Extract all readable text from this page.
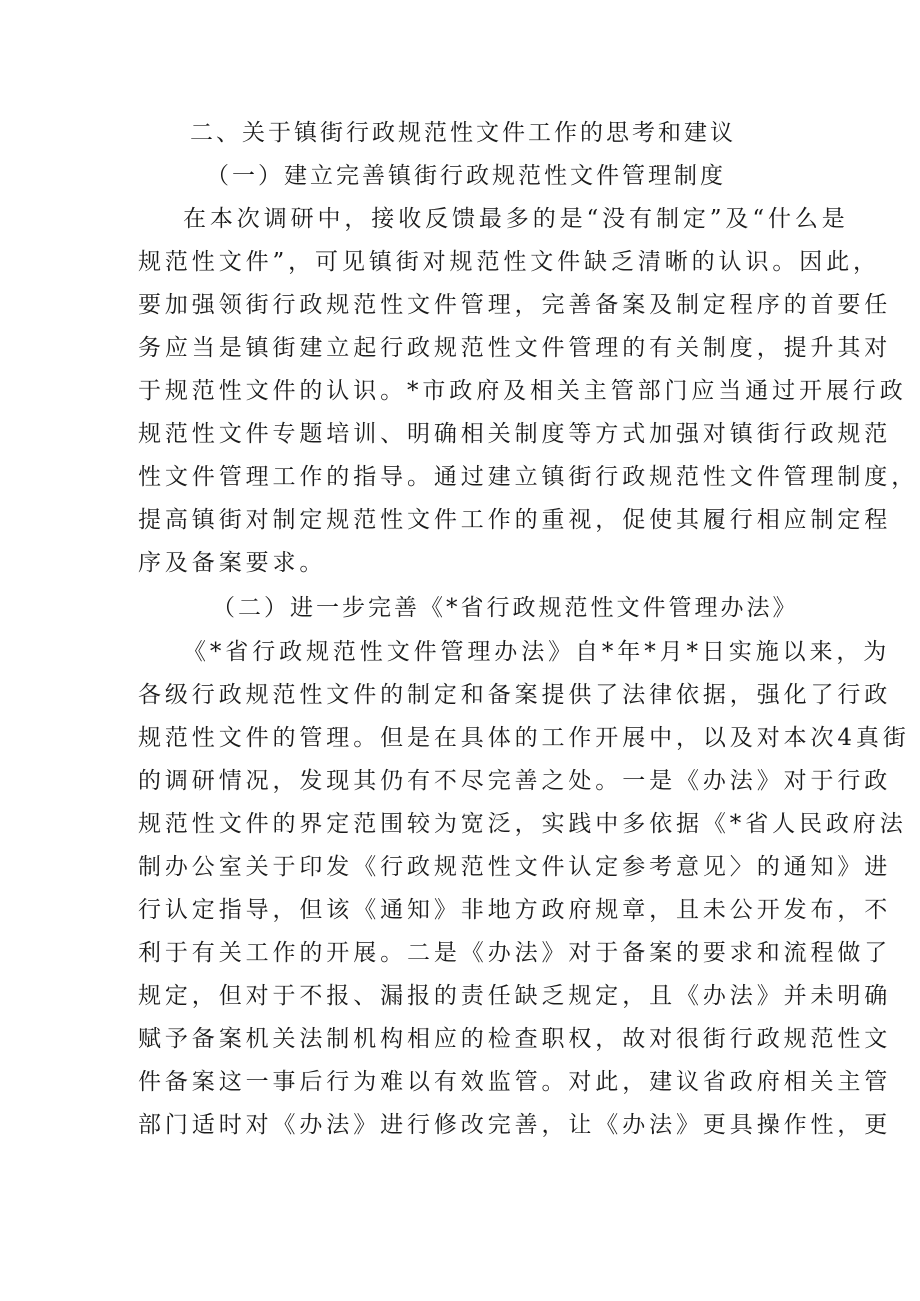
二、关于镇街行政规范性文件工作的思考和建议
（一）建立完善镇街行政规范性文件管理制度
在本次调研中，接收反馈最多的是“没有制定”及“什么是
规范性文件”，可见镇街对规范性文件缺乏清晰的认识。因此，
要加强领街行政规范性文件管理，完善备案及制定程序的首要任
务应当是镇街建立起行政规范性文件管理的有关制度，提升其对
于规范性文件的认识。*市政府及相关主管部门应当通过开展行政
规范性文件专题培训、明确相关制度等方式加强对镇街行政规范
性文件管理工作的指导。通过建立镇街行政规范性文件管理制度，
提高镇街对制定规范性文件工作的重视，促使其履行相应制定程
序及备案要求。
（二）进一步完善《*省行政规范性文件管理办法》
《*省行政规范性文件管理办法》自*年*月*日实施以来，为
各级行政规范性文件的制定和备案提供了法律依据，强化了行政
规范性文件的管理。但是在具体的工作开展中，以及对本次4真街
的调研情况，发现其仍有不尽完善之处。一是《办法》对于行政
规范性文件的界定范围较为宽泛，实践中多依据《*省人民政府法
制办公室关于印发《行政规范性文件认定参考意见〉的通知》进
行认定指导，但该《通知》非地方政府规章，且未公开发布，不
利于有关工作的开展。二是《办法》对于备案的要求和流程做了
规定，但对于不报、漏报的责任缺乏规定，且《办法》并未明确
赋予备案机关法制机构相应的检查职权，故对很街行政规范性文
件备案这一事后行为难以有效监管。对此，建议省政府相关主管
部门适时对《办法》进行修改完善，让《办法》更具操作性，更
